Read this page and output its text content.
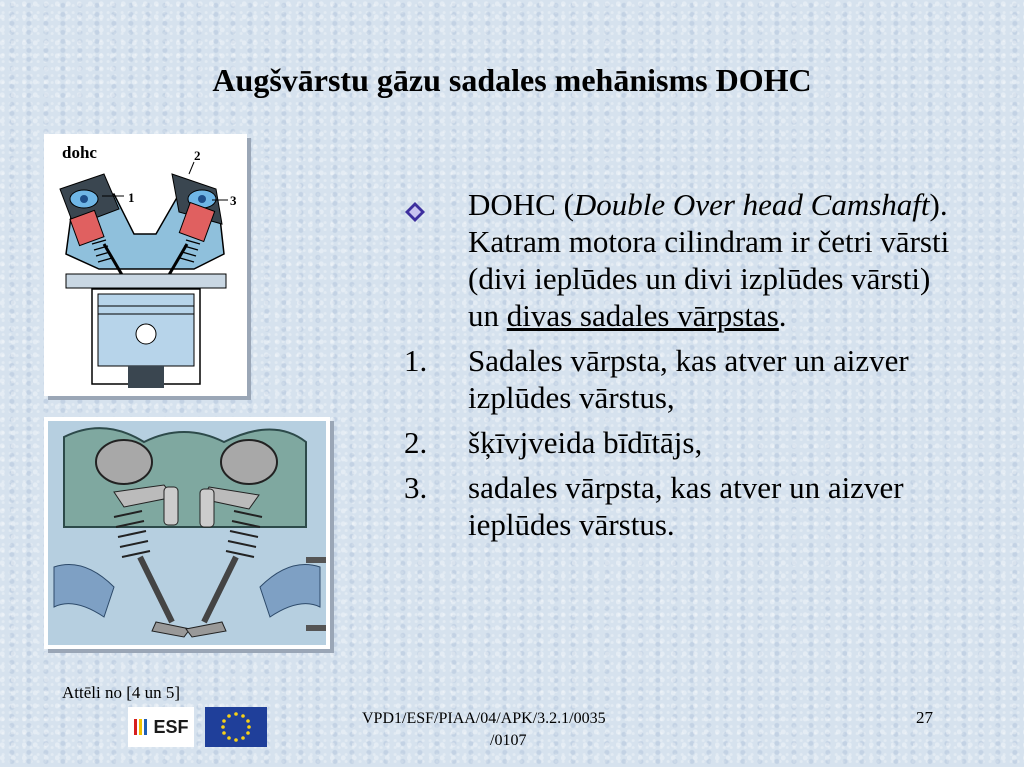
Augšvārstu gāzu sadales mehānisms DOHC
dohc
1
2
3	DOHC (Double Over head Camshaft). Katram motora cilindram ir četri vārsti (divi ieplūdes un divi izplūdes vārsti) un divas sadales vārpstas.
1.	Sadales vārpsta, kas atver un aizver izplūdes vārstus,
2.	šķīvjveida bīdītājs,
3.	sadales vārpsta, kas atver un aizver ieplūdes vārstus.
Attēli no [4 un 5]
ESF	VPD1/ESF/PIAA/04/APK/3.2.1/0035
/0107
27
